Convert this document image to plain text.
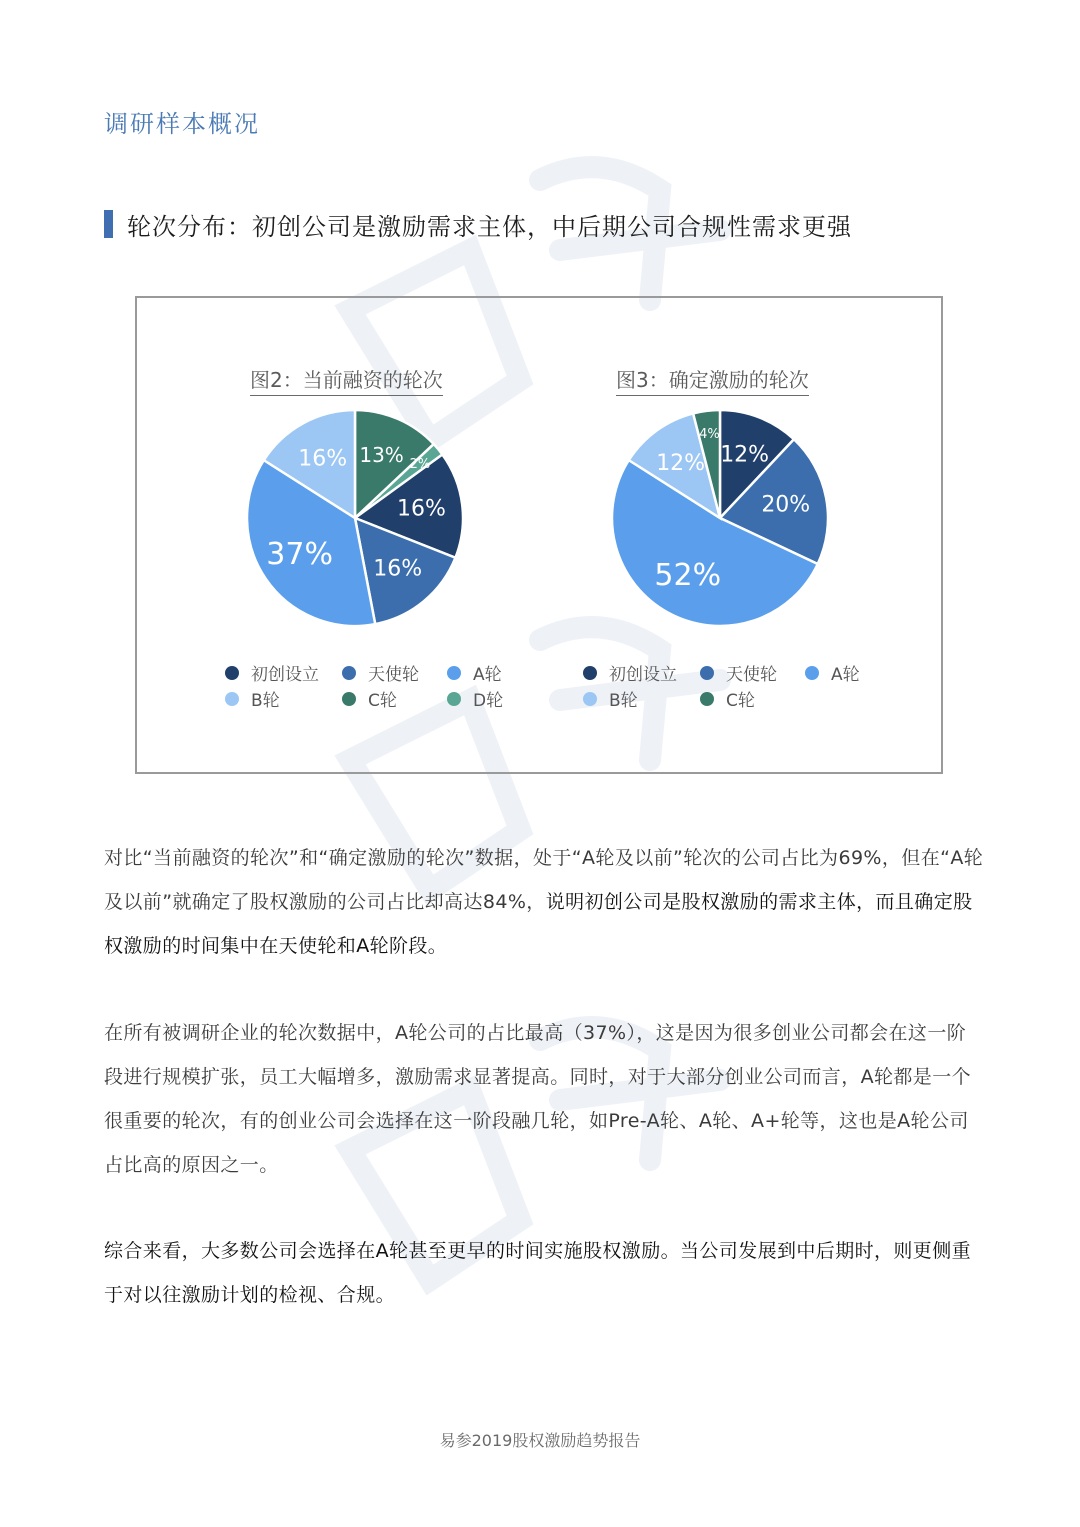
调研样本概况
轮次分布：初创公司是激励需求主体，中后期公司合规性需求更强
图2：当前融资的轮次	图3：确定激励的轮次
13% 2%
16%
16%
37%
16%	12%
20%
52%
12%
4%
初创设立	天使轮	A轮
B轮	C轮	D轮
初创设立	天使轮	A轮
B轮	C轮
对比“当前融资的轮次”和“确定激励的轮次”数据，处于“A轮及以前”轮次的公司占比为69%，但在“A轮及以前”就确定了股权激励的公司占比却高达84%，说明初创公司是股权激励的需求主体，而且确定股权激励的时间集中在天使轮和A轮阶段。
在所有被调研企业的轮次数据中，A轮公司的占比最高（37%），这是因为很多创业公司都会在这一阶段进行规模扩张，员工大幅增多，激励需求显著提高。同时，对于大部分创业公司而言，A轮都是一个很重要的轮次，有的创业公司会选择在这一阶段融几轮，如Pre-A轮、A轮、A+轮等，这也是A轮公司占比高的原因之一。
综合来看，大多数公司会选择在A轮甚至更早的时间实施股权激励。当公司发展到中后期时，则更侧重于对以往激励计划的检视、合规。
易参2019股权激励趋势报告
